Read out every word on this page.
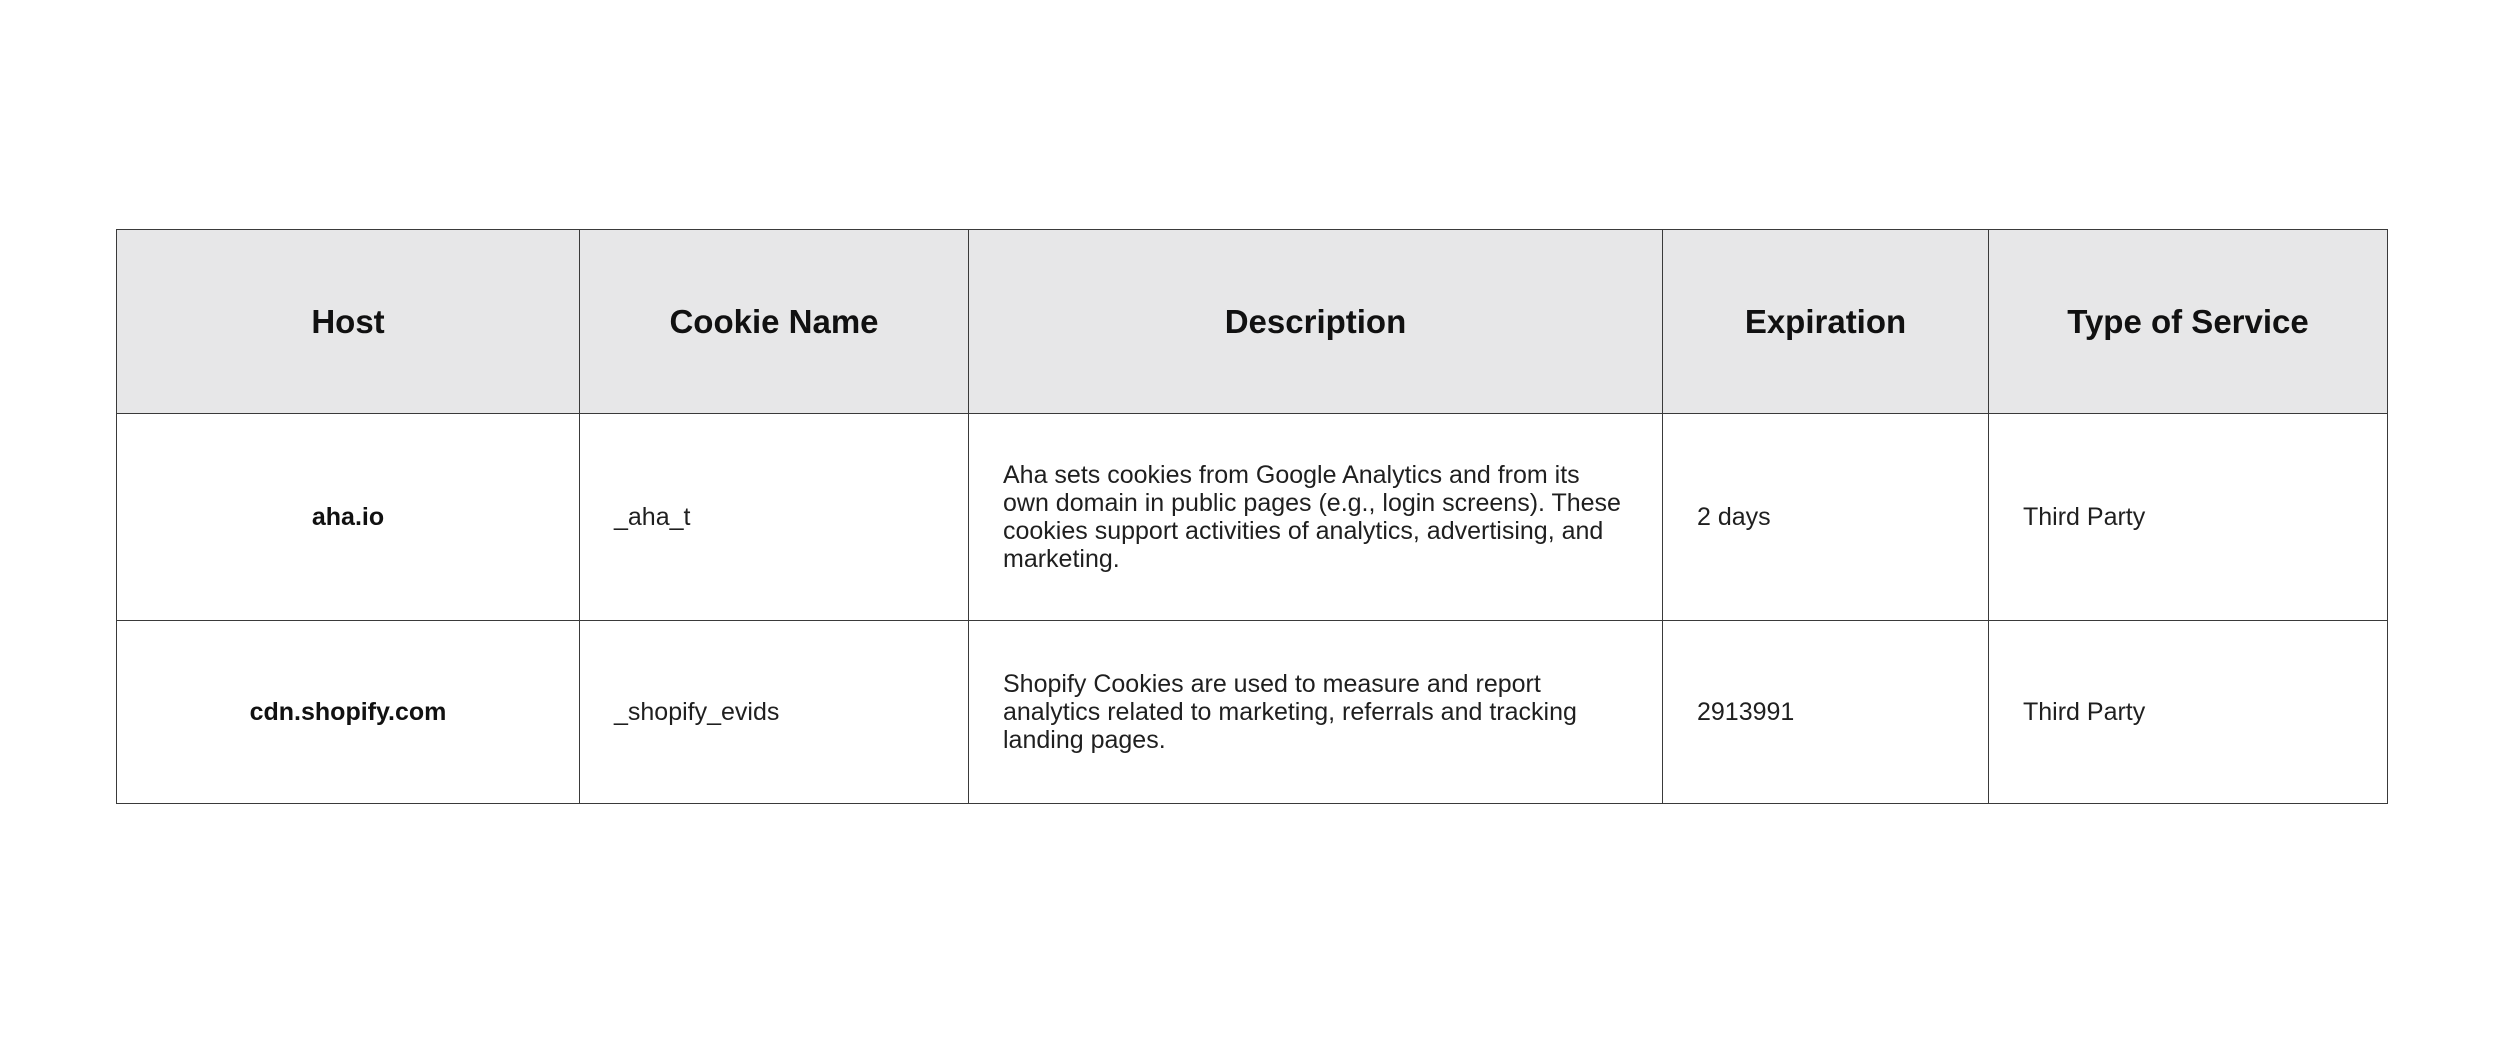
Host	Cookie Name	Description	Expiration	Type of Service
aha.io	_aha_t	Aha sets cookies from Google Analytics and from its own domain in public pages (e.g., login screens). These cookies support activities of analytics, advertising, and marketing.	2 days	Third Party
cdn.shopify.com	_shopify_evids	Shopify Cookies are used to measure and report analytics related to marketing, referrals and tracking landing pages.	2913991	Third Party
